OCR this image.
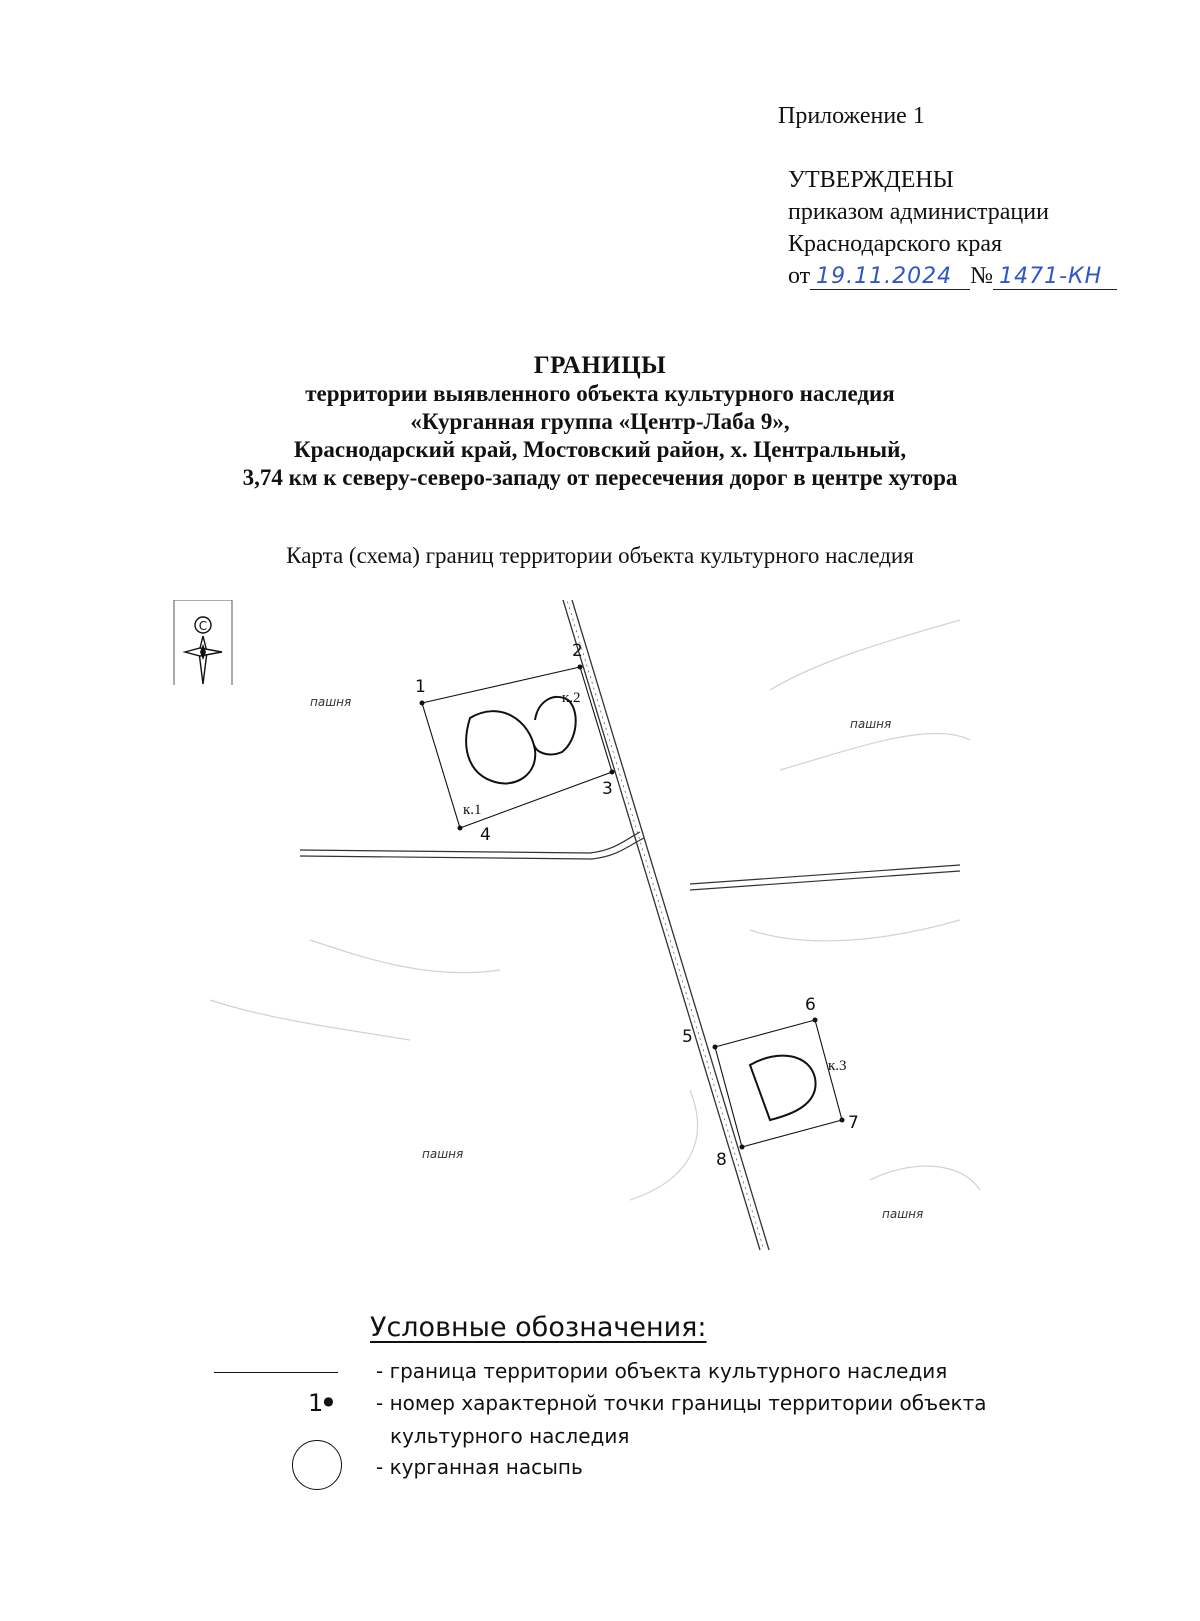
Приложение 1
УТВЕРЖДЕНЫ
приказом администрации
Краснодарского края
от 19.11.2024 № 1471-КН
ГРАНИЦЫ
территории выявленного объекта культурного наследия
«Курганная группа «Центр-Лаба 9»,
Краснодарский край, Мостовский район, х. Центральный,
3,74 км к северу-северо-западу от пересечения дорог в центре хутора
Карта (схема) границ территории объекта культурного наследия
С
1
2
3
4
5
6
7
8
к.1
к.2
к.3
пашня
пашня
пашня
пашня
Условные обозначения:
- граница территории объекта культурного наследия
1● - номер характерной точки границы территории объекта
культурного наследия
- курганная насыпь
